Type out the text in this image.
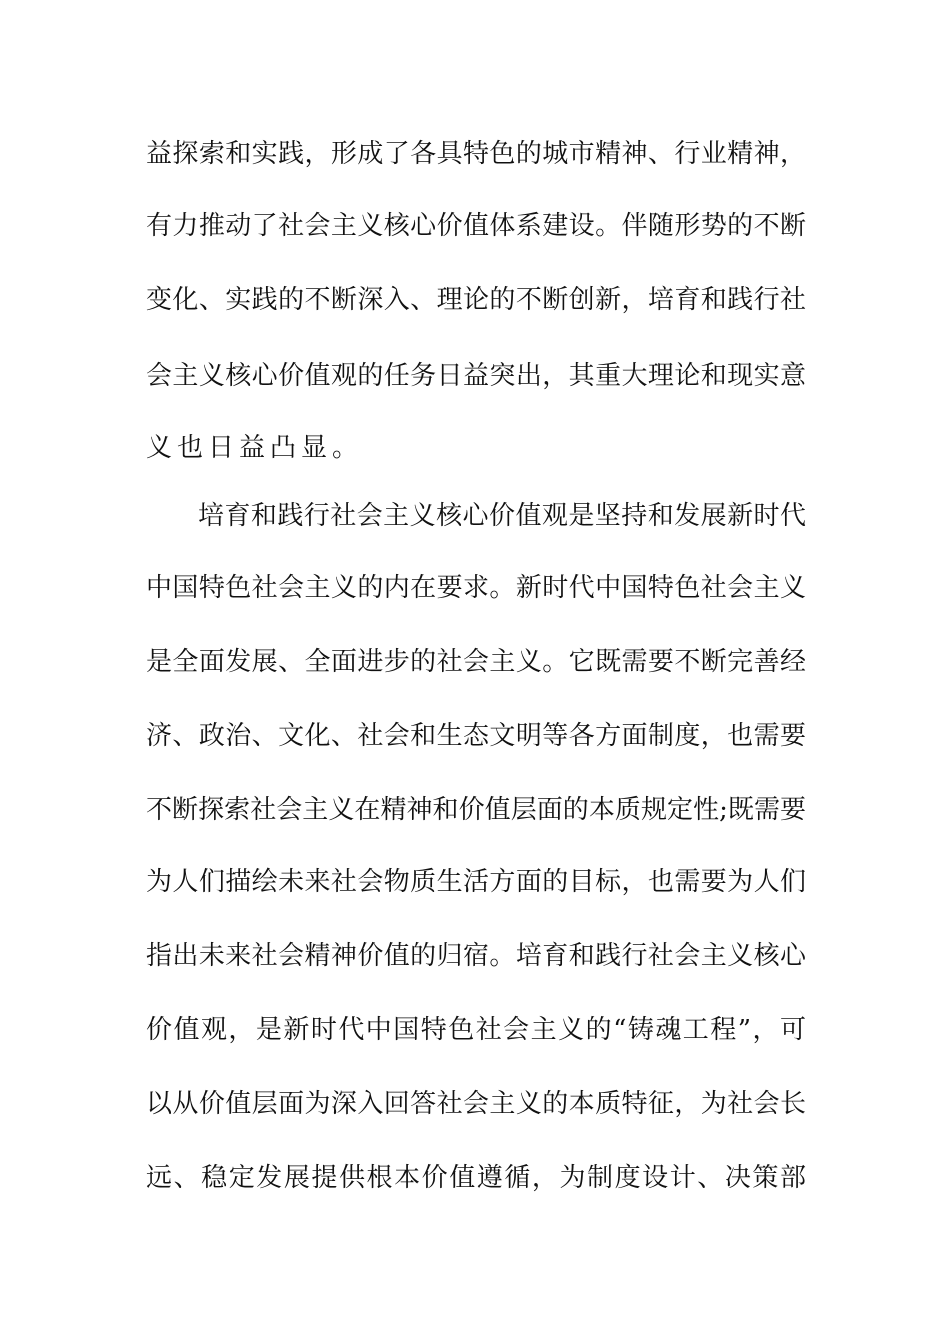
益探索和实践，形成了各具特色的城市精神、行业精神，
有力推动了社会主义核心价值体系建设。伴随形势的不断
变化、实践的不断深入、理论的不断创新，培育和践行社
会主义核心价值观的任务日益突出，其重大理论和现实意
义也日益凸显。
培育和践行社会主义核心价值观是坚持和发展新时代
中国特色社会主义的内在要求。新时代中国特色社会主义
是全面发展、全面进步的社会主义。它既需要不断完善经
济、政治、文化、社会和生态文明等各方面制度，也需要
不断探索社会主义在精神和价值层面的本质规定性;既需要
为人们描绘未来社会物质生活方面的目标，也需要为人们
指出未来社会精神价值的归宿。培育和践行社会主义核心
价值观，是新时代中国特色社会主义的“铸魂工程”，可
以从价值层面为深入回答社会主义的本质特征，为社会长
远、稳定发展提供根本价值遵循，为制度设计、决策部
